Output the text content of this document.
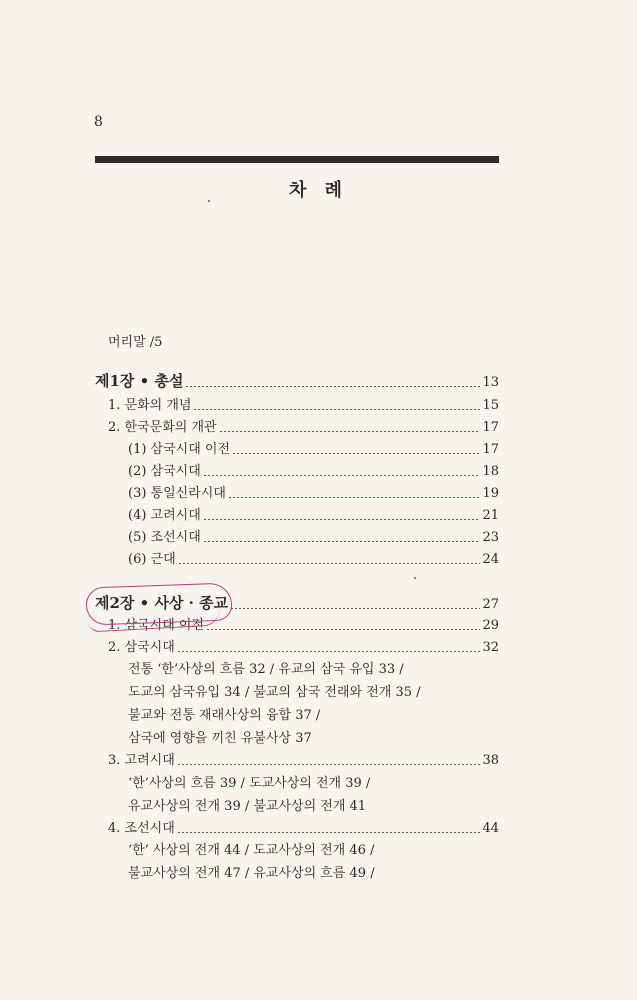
8
차 례
머리말 /5
제1장 • 총설	13
1. 문화의 개념	15
2. 한국문화의 개관	17
(1) 삼국시대 이전	17
(2) 삼국시대	18
(3) 통일신라시대	19
(4) 고려시대	21
(5) 조선시대	23
(6) 근대	24
제2장 • 사상 · 종교	27
1. 삼국시대 이전	29
2. 삼국시대	32
전통 ‘한’사상의 흐름 32 / 유교의 삼국 유입 33 /
도교의 삼국유입 34 / 불교의 삼국 전래와 전개 35 /
불교와 전통 재래사상의 융합 37 /
삼국에 영향을 끼친 유불사상 37
3. 고려시대	38
‘한’사상의 흐름 39 / 도교사상의 전개 39 /
유교사상의 전개 39 / 불교사상의 전개 41
4. 조선시대	44
‘한’ 사상의 전개 44 / 도교사상의 전개 46 /
불교사상의 전개 47 / 유교사상의 흐름 49 /
